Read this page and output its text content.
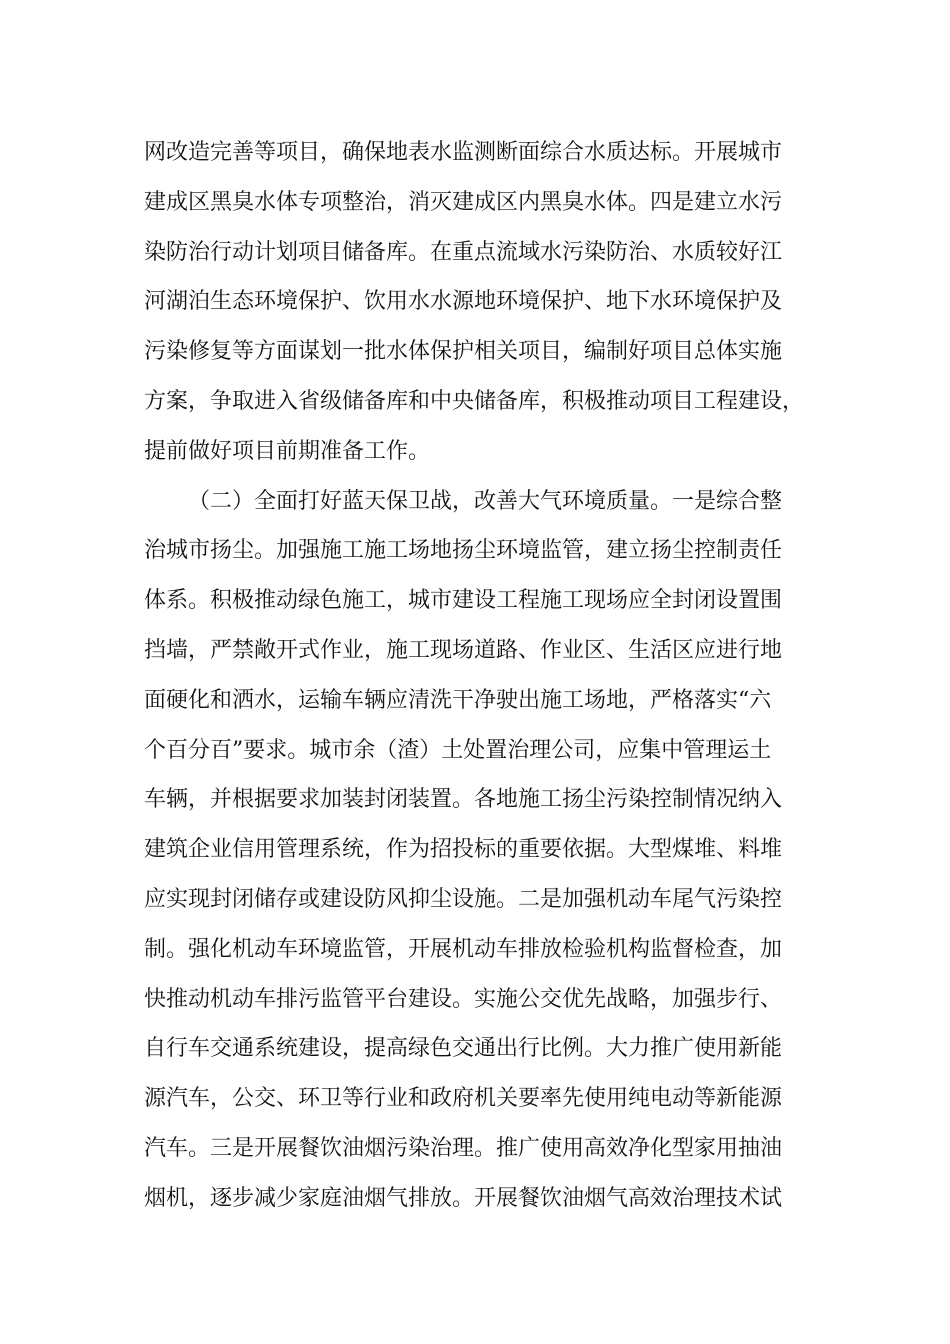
网改造完善等项目，确保地表水监测断面综合水质达标。开展城市
建成区黑臭水体专项整治，消灭建成区内黑臭水体。四是建立水污
染防治行动计划项目储备库。在重点流域水污染防治、水质较好江
河湖泊生态环境保护、饮用水水源地环境保护、地下水环境保护及
污染修复等方面谋划一批水体保护相关项目，编制好项目总体实施
方案，争取进入省级储备库和中央储备库，积极推动项目工程建设，
提前做好项目前期准备工作。
（二）全面打好蓝天保卫战，改善大气环境质量。一是综合整
治城市扬尘。加强施工施工场地扬尘环境监管，建立扬尘控制责任
体系。积极推动绿色施工，城市建设工程施工现场应全封闭设置围
挡墙，严禁敞开式作业，施工现场道路、作业区、生活区应进行地
面硬化和洒水，运输车辆应清洗干净驶出施工场地，严格落实“六
个百分百”要求。城市余（渣）土处置治理公司，应集中管理运土
车辆，并根据要求加装封闭装置。各地施工扬尘污染控制情况纳入
建筑企业信用管理系统，作为招投标的重要依据。大型煤堆、料堆
应实现封闭储存或建设防风抑尘设施。二是加强机动车尾气污染控
制。强化机动车环境监管，开展机动车排放检验机构监督检查，加
快推动机动车排污监管平台建设。实施公交优先战略，加强步行、
自行车交通系统建设，提高绿色交通出行比例。大力推广使用新能
源汽车，公交、环卫等行业和政府机关要率先使用纯电动等新能源
汽车。三是开展餐饮油烟污染治理。推广使用高效净化型家用抽油
烟机，逐步减少家庭油烟气排放。开展餐饮油烟气高效治理技术试
